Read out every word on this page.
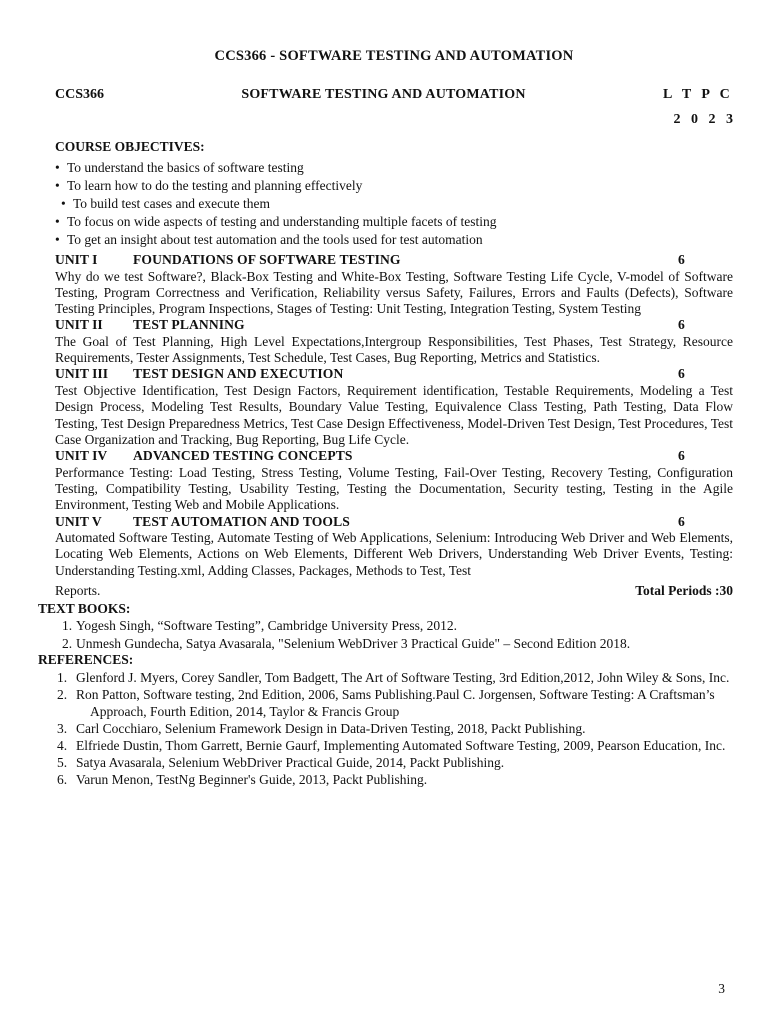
CCS366 - SOFTWARE TESTING AND AUTOMATION
CCS366	SOFTWARE TESTING AND AUTOMATION	L T P C
2 0 2 3
COURSE OBJECTIVES:
• To understand the basics of software testing
• To learn how to do the testing and planning effectively
• To build test cases and execute them
• To focus on wide aspects of testing and understanding multiple facets of testing
• To get an insight about test automation and the tools used for test automation
UNIT I	FOUNDATIONS OF SOFTWARE TESTING	6

Why do we test Software?, Black-Box Testing and White-Box Testing, Software Testing Life Cycle, V-model of Software Testing, Program Correctness and Verification, Reliability versus Safety, Failures, Errors and Faults (Defects), Software Testing Principles, Program Inspections, Stages of Testing: Unit Testing, Integration Testing, System Testing

UNIT II	TEST PLANNING	6

The Goal of Test Planning, High Level Expectations,Intergroup Responsibilities, Test Phases, Test Strategy, Resource Requirements, Tester Assignments, Test Schedule, Test Cases, Bug Reporting, Metrics and Statistics.

UNIT III	TEST DESIGN AND EXECUTION	6

Test Objective Identification, Test Design Factors, Requirement identification, Testable Requirements, Modeling a Test Design Process, Modeling Test Results, Boundary Value Testing, Equivalence Class Testing, Path Testing, Data Flow Testing, Test Design Preparedness Metrics, Test Case Design Effectiveness, Model-Driven Test Design, Test Procedures, Test Case Organization and Tracking, Bug Reporting, Bug Life Cycle.

UNIT IV	ADVANCED TESTING CONCEPTS	6

Performance Testing: Load Testing, Stress Testing, Volume Testing, Fail-Over Testing, Recovery Testing, Configuration Testing, Compatibility Testing, Usability Testing, Testing the Documentation, Security testing, Testing in the Agile Environment, Testing Web and Mobile Applications.

UNIT V	TEST AUTOMATION AND TOOLS	6

Automated Software Testing, Automate Testing of Web Applications, Selenium: Introducing Web Driver and Web Elements, Locating Web Elements, Actions on Web Elements, Different Web Drivers, Understanding Web Driver Events, Testing: Understanding Testing.xml, Adding Classes, Packages, Methods to Test, Test

Reports.	Total Periods :30
TEXT BOOKS:
1. Yogesh Singh, “Software Testing”, Cambridge University Press, 2012.
2. Unmesh Gundecha, Satya Avasarala, "Selenium WebDriver 3 Practical Guide" – Second Edition 2018.
REFERENCES:
1. Glenford J. Myers, Corey Sandler, Tom Badgett, The Art of Software Testing, 3rd Edition,2012, John Wiley & Sons, Inc.
2. Ron Patton, Software testing, 2nd Edition, 2006, Sams Publishing.Paul C. Jorgensen, Software Testing: A Craftsman’s Approach, Fourth Edition, 2014, Taylor & Francis Group
3. Carl Cocchiaro, Selenium Framework Design in Data-Driven Testing, 2018, Packt Publishing.
4. Elfriede Dustin, Thom Garrett, Bernie Gaurf, Implementing Automated Software Testing, 2009, Pearson Education, Inc.
5. Satya Avasarala, Selenium WebDriver Practical Guide, 2014, Packt Publishing.
6. Varun Menon, TestNg Beginner's Guide, 2013, Packt Publishing.
3
